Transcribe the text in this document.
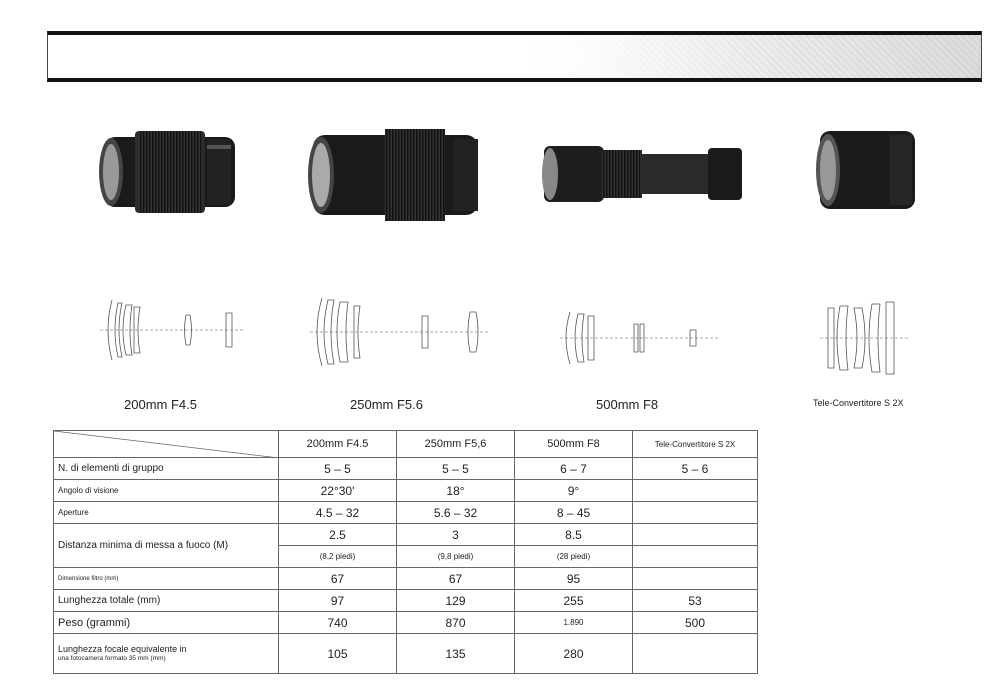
200mm F4.5	250mm F5.6	500mm F8	Tele-Convertitore S 2X
	200mm F4.5	250mm F5,6	500mm F8	Tele-Convertitore S 2X
N. di elementi di gruppo	5 – 5	5 – 5	6 – 7	5 – 6
Angolo di visione	22°30'	18°	9°	
Aperture	4.5 – 32	5.6 – 32	8 – 45	
Distanza minima di messa a fuoco (M)	2.5	3	8.5	
	(8,2 piedi)	(9,8 piedi)	(28 piedi)	
Dimensione filtro (mm)	67	67	95	
Lunghezza totale (mm)	97	129	255	53
Peso (grammi)	740	870	1.890	500

Lunghezza focale equivalente in
una fotocamera formato 35 mm (mm)	105	135	280	
